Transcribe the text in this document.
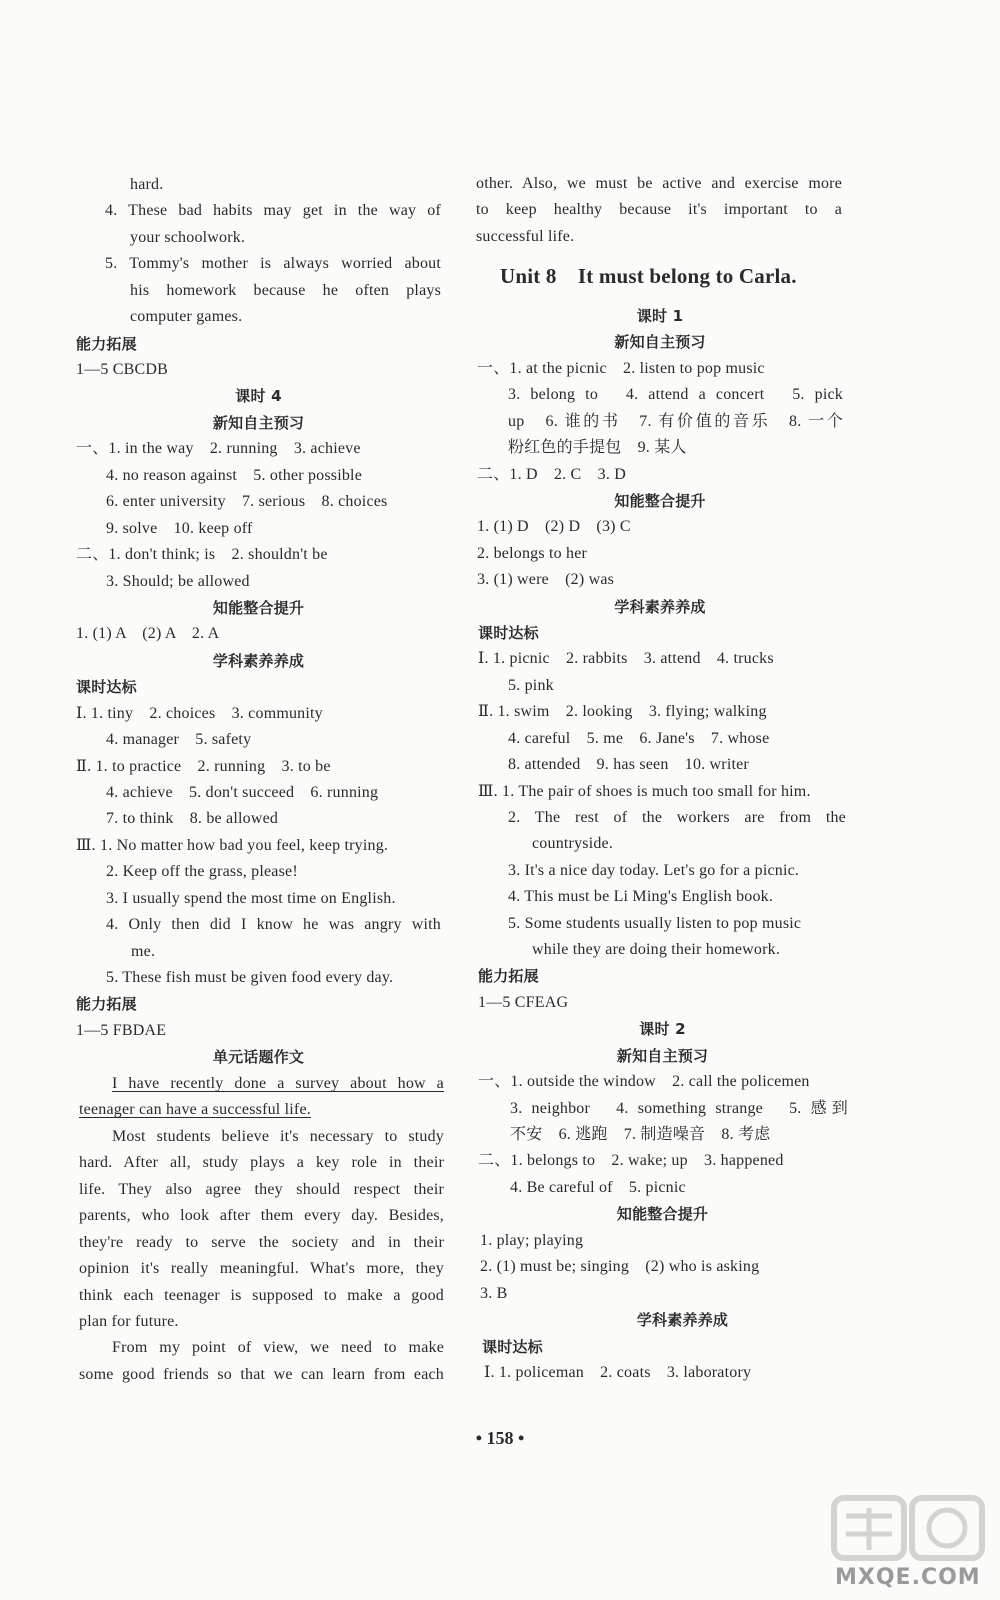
hard.
4. These bad habits may get in the way of
your schoolwork.
5. Tommy's mother is always worried about
his homework because he often plays
computer games.
能力拓展
1—5 CBCDB
课时 4
新知自主预习
一、1. in the way　2. running　3. achieve
4. no reason against　5. other possible
6. enter university　7. serious　8. choices
9. solve　10. keep off
二、1. don't think; is　2. shouldn't be
3. Should; be allowed
知能整合提升
1. (1) A　(2) A　2. A
学科素养养成
课时达标
Ⅰ. 1. tiny　2. choices　3. community
4. manager　5. safety
Ⅱ. 1. to practice　2. running　3. to be
4. achieve　5. don't succeed　6. running
7. to think　8. be allowed
Ⅲ. 1. No matter how bad you feel, keep trying.
2. Keep off the grass, please!
3. I usually spend the most time on English.
4. Only then did I know he was angry with
me.
5. These fish must be given food every day.
能力拓展
1—5 FBDAE
单元话题作文
I have recently done a survey about how a
teenager can have a successful life.
Most students believe it's necessary to study
hard. After all, study plays a key role in their
life. They also agree they should respect their
parents, who look after them every day. Besides,
they're ready to serve the society and in their
opinion it's really meaningful. What's more, they
think each teenager is supposed to make a good
plan for future.
From my point of view, we need to make
some good friends so that we can learn from each
other. Also, we must be active and exercise more
to keep healthy because it's important to a
successful life.
Unit 8　It must belong to Carla.
课时 1
新知自主预习
一、1. at the picnic　2. listen to pop music
3. belong to　4. attend a concert　5. pick
up　6. 谁的书　7. 有价值的音乐　8. 一个
粉红色的手提包　9. 某人
二、1. D　2. C　3. D
知能整合提升
1. (1) D　(2) D　(3) C
2. belongs to her
3. (1) were　(2) was
学科素养养成
课时达标
Ⅰ. 1. picnic　2. rabbits　3. attend　4. trucks
5. pink
Ⅱ. 1. swim　2. looking　3. flying; walking
4. careful　5. me　6. Jane's　7. whose
8. attended　9. has seen　10. writer
Ⅲ. 1. The pair of shoes is much too small for him.
2. The rest of the workers are from the
countryside.
3. It's a nice day today. Let's go for a picnic.
4. This must be Li Ming's English book.
5. Some students usually listen to pop music
while they are doing their homework.
能力拓展
1—5 CFEAG
课时 2
新知自主预习
一、1. outside the window　2. call the policemen
3. neighbor　4. something strange　5. 感到
不安　6. 逃跑　7. 制造噪音　8. 考虑
二、1. belongs to　2. wake; up　3. happened
4. Be careful of　5. picnic
知能整合提升
1. play; playing
2. (1) must be; singing　(2) who is asking
3. B
学科素养养成
课时达标
Ⅰ. 1. policeman　2. coats　3. laboratory
• 158 •
MXQE.COM
